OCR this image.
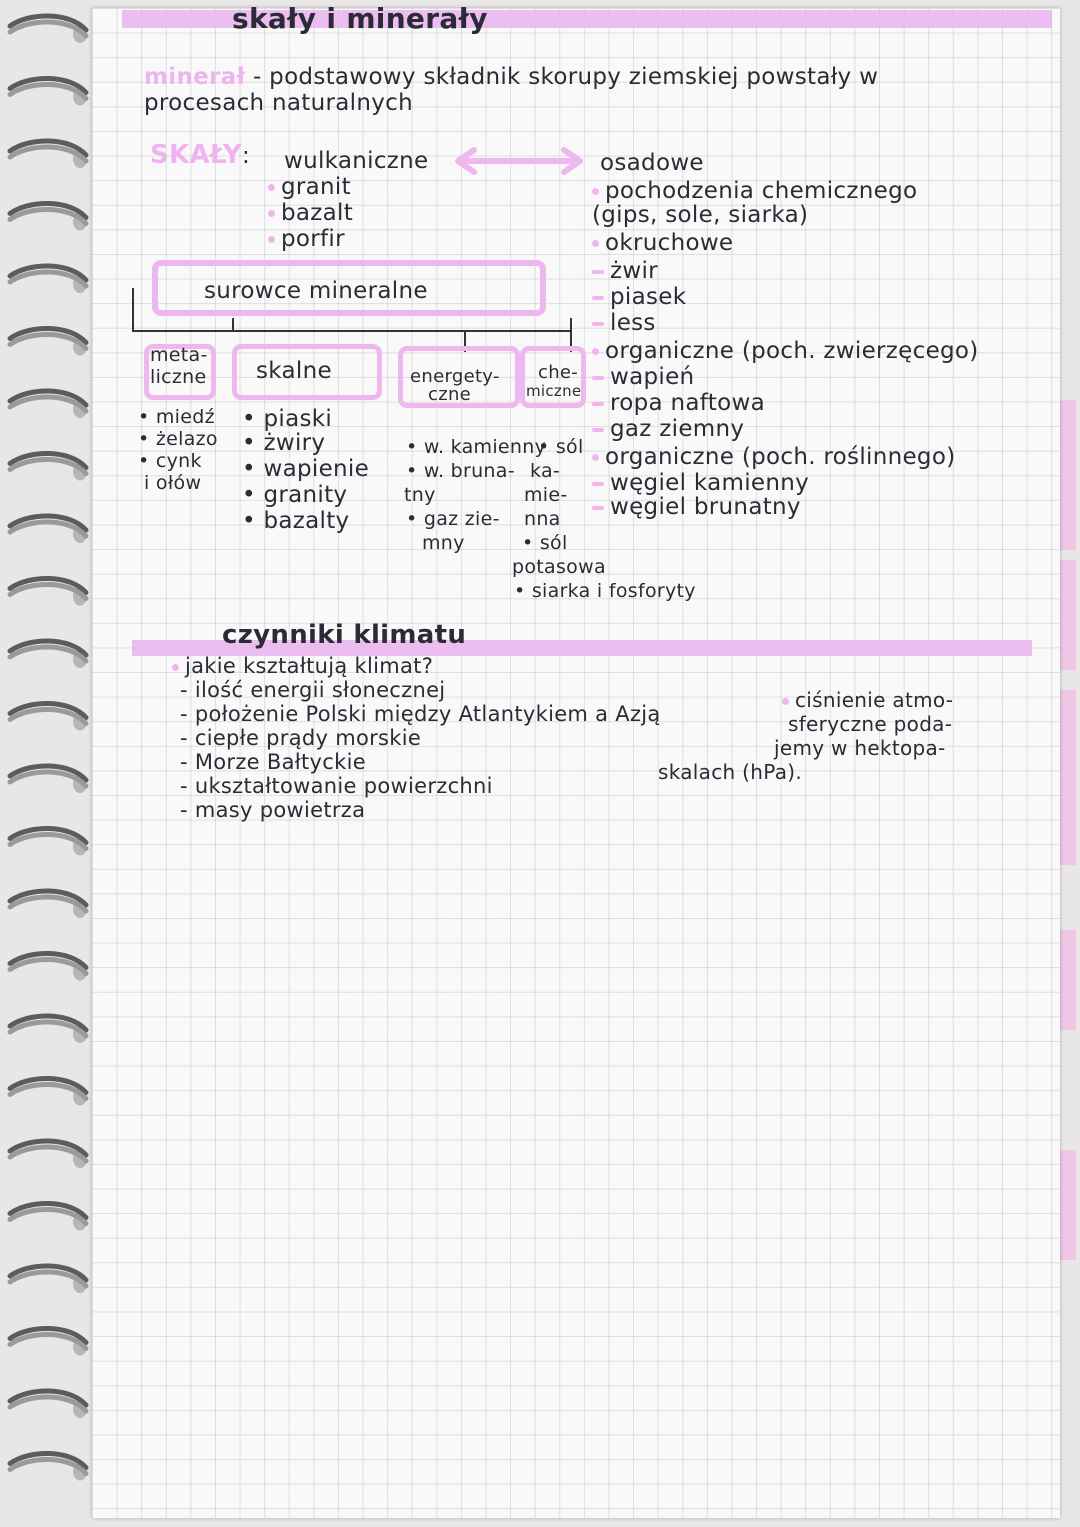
skały i minerały
minerał - podstawowy składnik skorupy ziemskiej powstały w
procesach naturalnych
SKAŁY: wulkaniczne
granit
bazalt
porfir
osadowe
pochodzenia chemicznego
(gips, sole, siarka)
okruchowe
żwir
piasek
less
organiczne (poch. zwierzęcego)
wapień
ropa naftowa
gaz ziemny
organiczne (poch. roślinnego)
węgiel kamienny
węgiel brunatny
surowce mineralne
meta-
liczne skalne	energety-
czne
che-
miczne
• miedź
• żelazo
• cynk
i ołów
• piaski
• żwiry
• wapienie
• granity
• bazalty
• w. kamienny
• w. bruna-
tny
• gaz zie-
mny
• sól
ka-
mie-
nna
• sól
potasowa
• siarka i fosforyty
czynniki klimatu
jakie kształtują klimat?
- ilość energii słonecznej
- położenie Polski między Atlantykiem a Azją
- ciepłe prądy morskie
- Morze Bałtyckie
- ukształtowanie powierzchni
- masy powietrza
ciśnienie atmo-
sferyczne poda-
jemy w hektopa-
skalach (hPa).
